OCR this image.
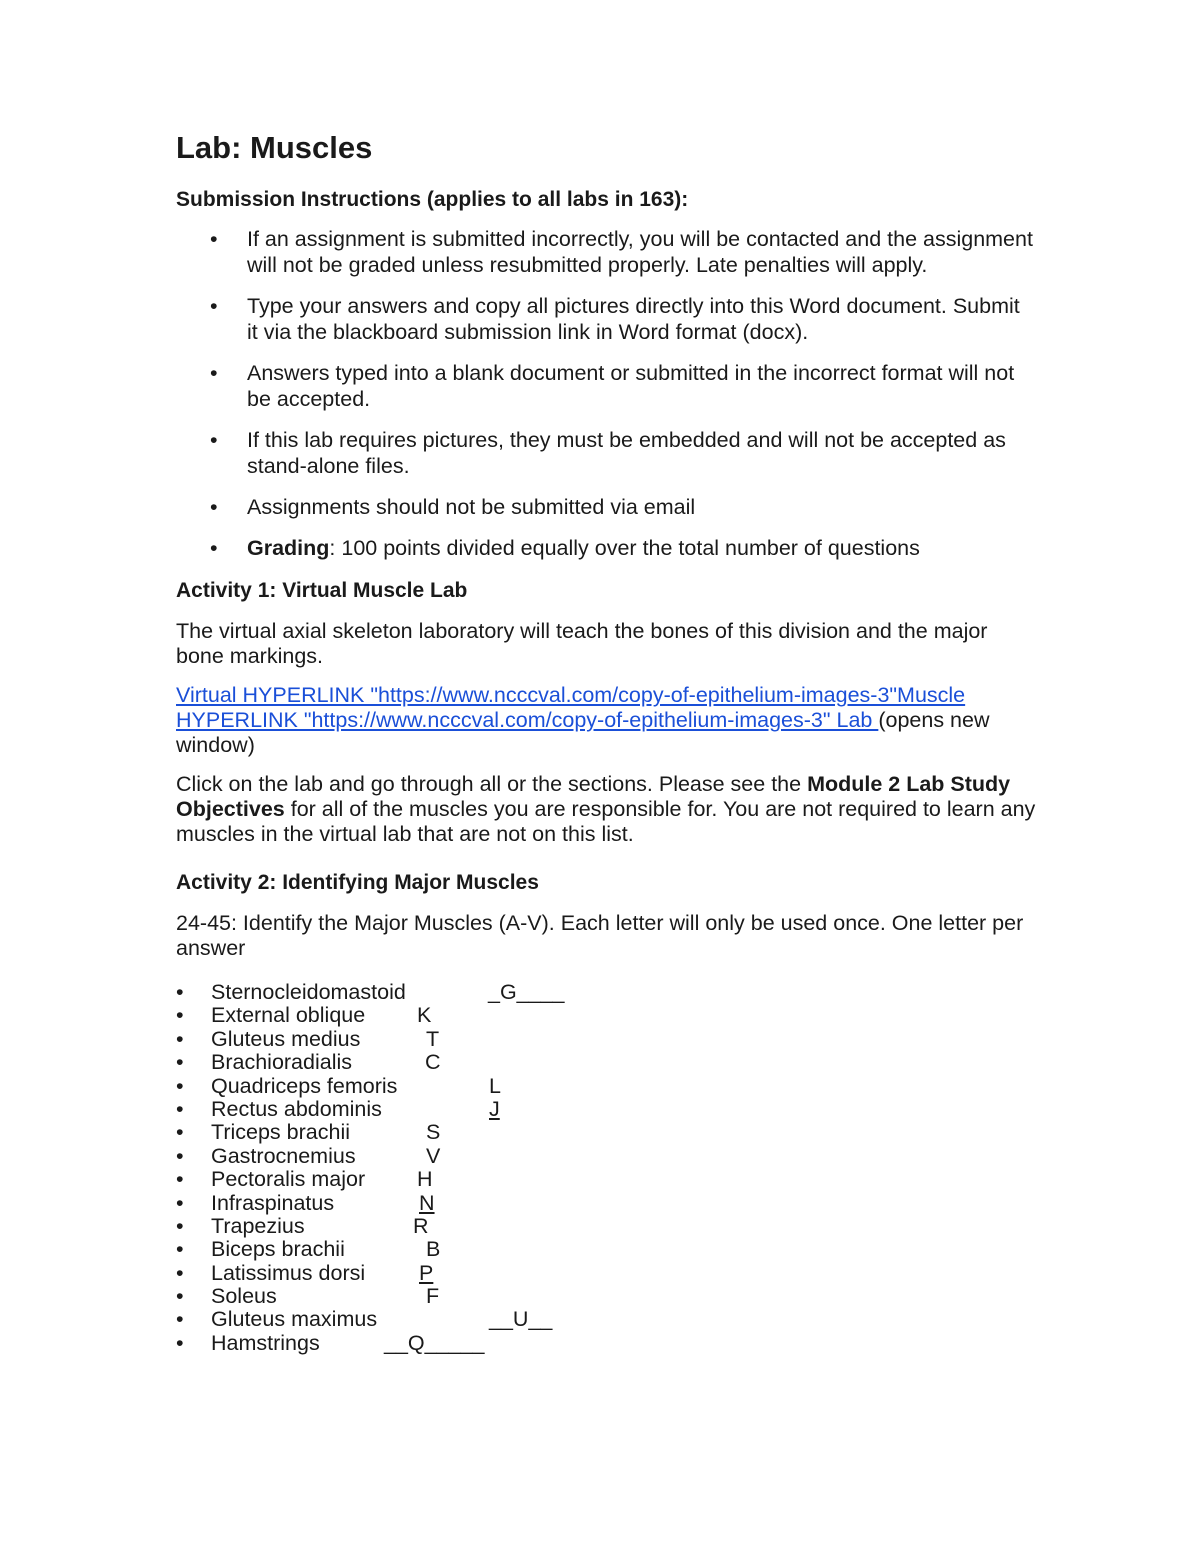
Lab: Muscles
Submission Instructions (applies to all labs in 163):
• If an assignment is submitted incorrectly, you will be contacted and the assignment will not be graded unless resubmitted properly. Late penalties will apply.
• Type your answers and copy all pictures directly into this Word document. Submit it via the blackboard submission link in Word format (docx).
• Answers typed into a blank document or submitted in the incorrect format will not be accepted.
• If this lab requires pictures, they must be embedded and will not be accepted as stand-alone files.
• Assignments should not be submitted via email
• Grading: 100 points divided equally over the total number of questions
Activity 1: Virtual Muscle Lab

The virtual axial skeleton laboratory will teach the bones of this division and the major bone markings.

Virtual HYPERLINK "https://www.ncccval.com/copy-of-epithelium-images-3"Muscle HYPERLINK "https://www.ncccval.com/copy-of-epithelium-images-3" Lab (opens new window)

Click on the lab and go through all or the sections. Please see the Module 2 Lab Study Objectives for all of the muscles you are responsible for. You are not required to learn any muscles in the virtual lab that are not on this list.

Activity 2: Identifying Major Muscles

24-45: Identify the Major Muscles (A-V). Each letter will only be used once. One letter per answer

• Sternocleidomastoid	_G____
• External oblique K
• Gluteus medius	T
• Brachioradialis	C
• Quadriceps femoris	L
• Rectus abdominis	J
• Triceps brachii	S
• Gastrocnemius	V
• Pectoralis major H
• Infraspinatus	N
• Trapezius	R
• Biceps brachii	B
• Latissimus dorsi	P
• Soleus	F
• Gluteus maximus	__U__
• Hamstrings	__Q_____
